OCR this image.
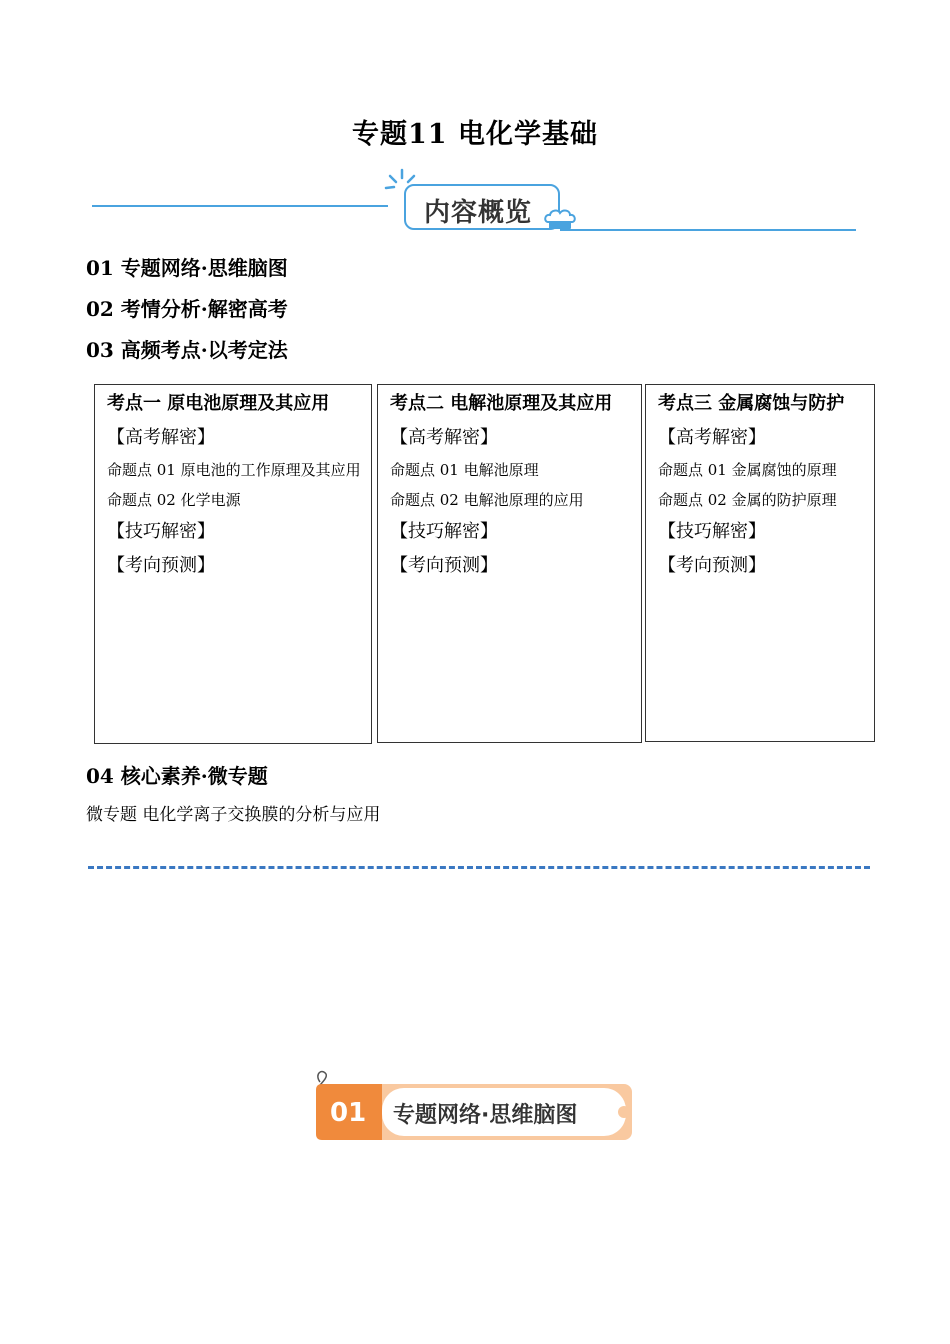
专题11 电化学基础
内容概览
01 专题网络·思维脑图
02 考情分析·解密高考
03 高频考点·以考定法
考点一 原电池原理及其应用
【高考解密】
命题点 01 原电池的工作原理及其应用
命题点 02 化学电源
【技巧解密】
【考向预测】
考点二 电解池原理及其应用
【高考解密】
命题点 01 电解池原理
命题点 02 电解池原理的应用
【技巧解密】
【考向预测】
考点三 金属腐蚀与防护
【高考解密】
命题点 01 金属腐蚀的原理
命题点 02 金属的防护原理
【技巧解密】
【考向预测】
04 核心素养·微专题
微专题 电化学离子交换膜的分析与应用
01 专题网络·思维脑图
